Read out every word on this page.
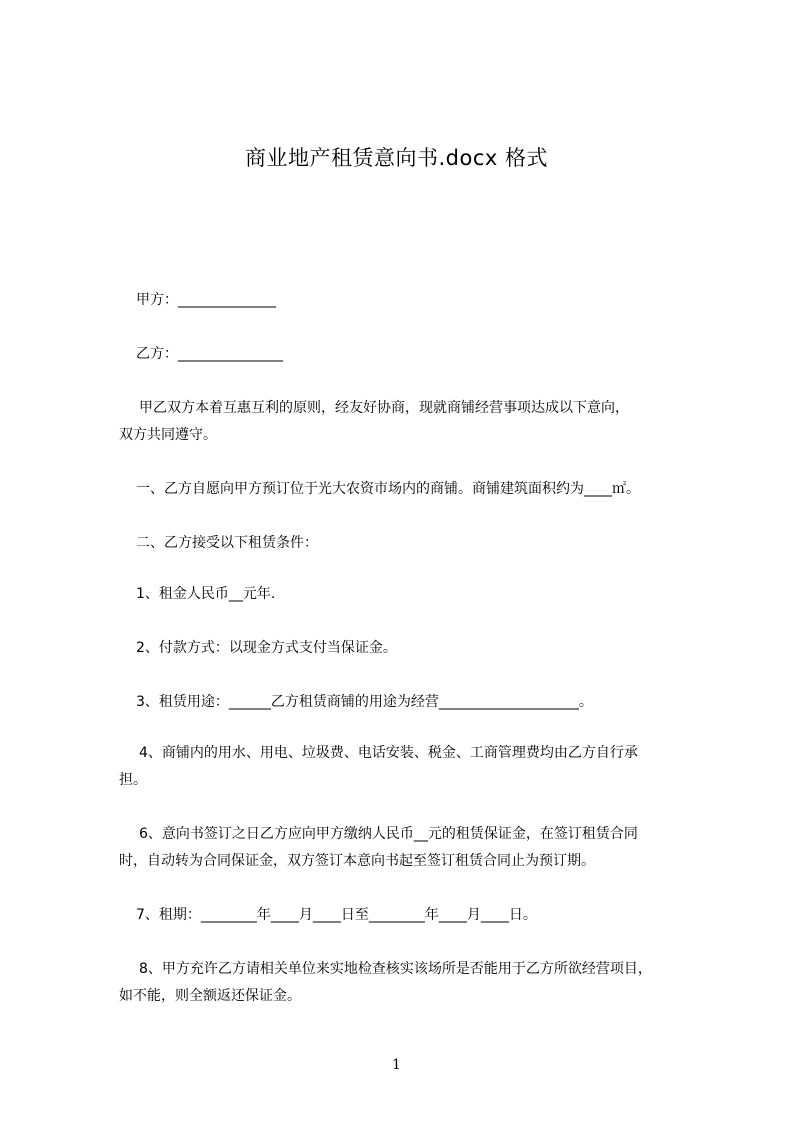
商业地产租赁意向书.docx 格式
甲方：______________
乙方：_______________
甲乙双方本着互惠互利的原则，经友好协商，现就商铺经营事项达成以下意向，
双方共同遵守。
一、乙方自愿向甲方预订位于光大农资市场内的商铺。商铺建筑面积约为____㎡。
二、乙方接受以下租赁条件：
1、租金人民币__元年.
2、付款方式：以现金方式支付当保证金。
3、租赁用途：______乙方租赁商铺的用途为经营____________________。
4、商铺内的用水、用电、垃圾费、电话安装、税金、工商管理费均由乙方自行承
担。
6、意向书签订之日乙方应向甲方缴纳人民币__元的租赁保证金，在签订租赁合同
时，自动转为合同保证金，双方签订本意向书起至签订租赁合同止为预订期。
7、租期：________年____月____日至________年____月____日。
8、甲方充许乙方请相关单位来实地检查核实该场所是否能用于乙方所欲经营项目，
如不能，则全额返还保证金。
1
